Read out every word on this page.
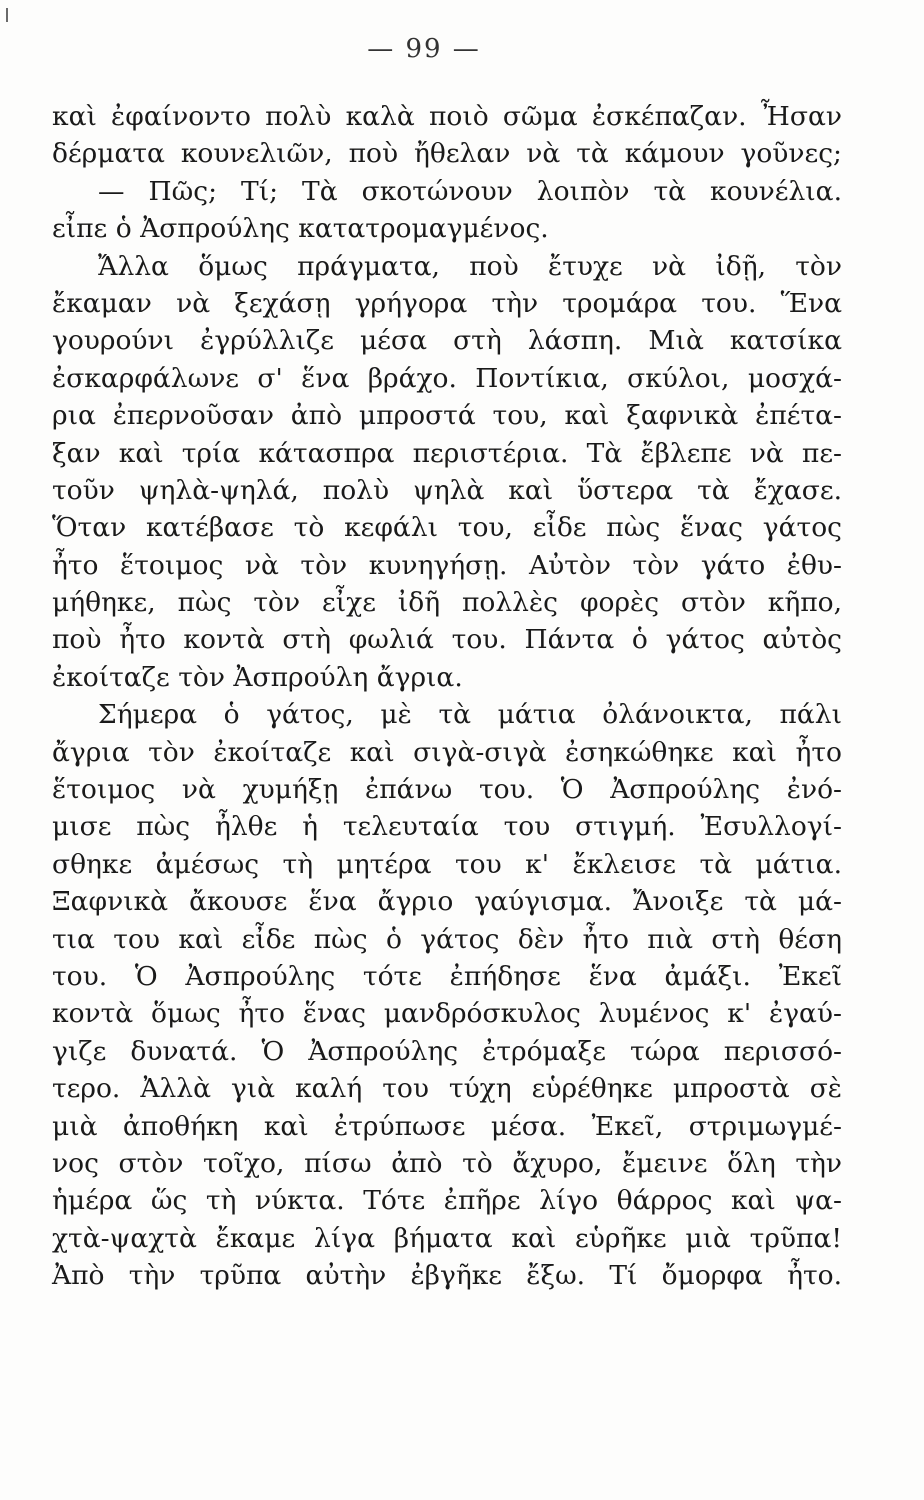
— 99 —
καὶ ἐφαίνοντο πολὺ καλὰ ποιὸ σῶμα ἐσκέπαζαν. Ἦσαν
δέρματα κουνελιῶν, ποὺ ἤθελαν νὰ τὰ κάμουν γοῦνες;
— Πῶς; Τί; Τὰ σκοτώνουν λοιπὸν τὰ κουνέλια.
εἶπε ὁ Ἀσπρούλης κατατρομαγμένος.
Ἄλλα ὅμως πράγματα, ποὺ ἔτυχε νὰ ἰδῇ, τὸν
ἔκαμαν νὰ ξεχάσῃ γρήγορα τὴν τρομάρα του. Ἕνα
γουρούνι ἐγρύλλιζε μέσα στὴ λάσπη. Μιὰ κατσίκα
ἐσκαρφάλωνε σ' ἕνα βράχο. Ποντίκια, σκύλοι, μοσχά-
ρια ἐπερνοῦσαν ἀπὸ μπροστά του, καὶ ξαφνικὰ ἐπέτα-
ξαν καὶ τρία κάτασπρα περιστέρια. Τὰ ἔβλεπε νὰ πε-
τοῦν ψηλὰ-ψηλά, πολὺ ψηλὰ καὶ ὕστερα τὰ ἔχασε.
Ὅταν κατέβασε τὸ κεφάλι του, εἶδε πὼς ἕνας γάτος
ἦτο ἕτοιμος νὰ τὸν κυνηγήσῃ. Αὐτὸν τὸν γάτο ἐθυ-
μήθηκε, πὼς τὸν εἶχε ἰδῆ πολλὲς φορὲς στὸν κῆπο,
ποὺ ἦτο κοντὰ στὴ φωλιά του. Πάντα ὁ γάτος αὐτὸς
ἐκοίταζε τὸν Ἀσπρούλη ἄγρια.
Σήμερα ὁ γάτος, μὲ τὰ μάτια ὀλάνοικτα, πάλι
ἄγρια τὸν ἐκοίταζε καὶ σιγὰ-σιγὰ ἐσηκώθηκε καὶ ἦτο
ἕτοιμος νὰ χυμήξῃ ἐπάνω του. Ὁ Ἀσπρούλης ἐνό-
μισε πὼς ἦλθε ἡ τελευταία του στιγμή. Ἐσυλλογί-
σθηκε ἀμέσως τὴ μητέρα του κ' ἔκλεισε τὰ μάτια.
Ξαφνικὰ ἄκουσε ἕνα ἄγριο γαύγισμα. Ἄνοιξε τὰ μά-
τια του καὶ εἶδε πὼς ὁ γάτος δὲν ἦτο πιὰ στὴ θέση
του. Ὁ Ἀσπρούλης τότε ἐπήδησε ἕνα ἀμάξι. Ἐκεῖ
κοντὰ ὅμως ἦτο ἕνας μανδρόσκυλος λυμένος κ' ἐγαύ-
γιζε δυνατά. Ὁ Ἀσπρούλης ἐτρόμαξε τώρα περισσό-
τερο. Ἀλλὰ γιὰ καλή του τύχη εὑρέθηκε μπροστὰ σὲ
μιὰ ἀποθήκη καὶ ἐτρύπωσε μέσα. Ἐκεῖ, στριμωγμέ-
νος στὸν τοῖχο, πίσω ἀπὸ τὸ ἄχυρο, ἔμεινε ὅλη τὴν
ἡμέρα ὥς τὴ νύκτα. Τότε ἐπῆρε λίγο θάρρος καὶ ψα-
χτὰ-ψαχτὰ ἔκαμε λίγα βήματα καὶ εὑρῆκε μιὰ τρῦπα!
Ἀπὸ τὴν τρῦπα αὐτὴν ἐβγῆκε ἔξω. Τί ὄμορφα ἦτο.
